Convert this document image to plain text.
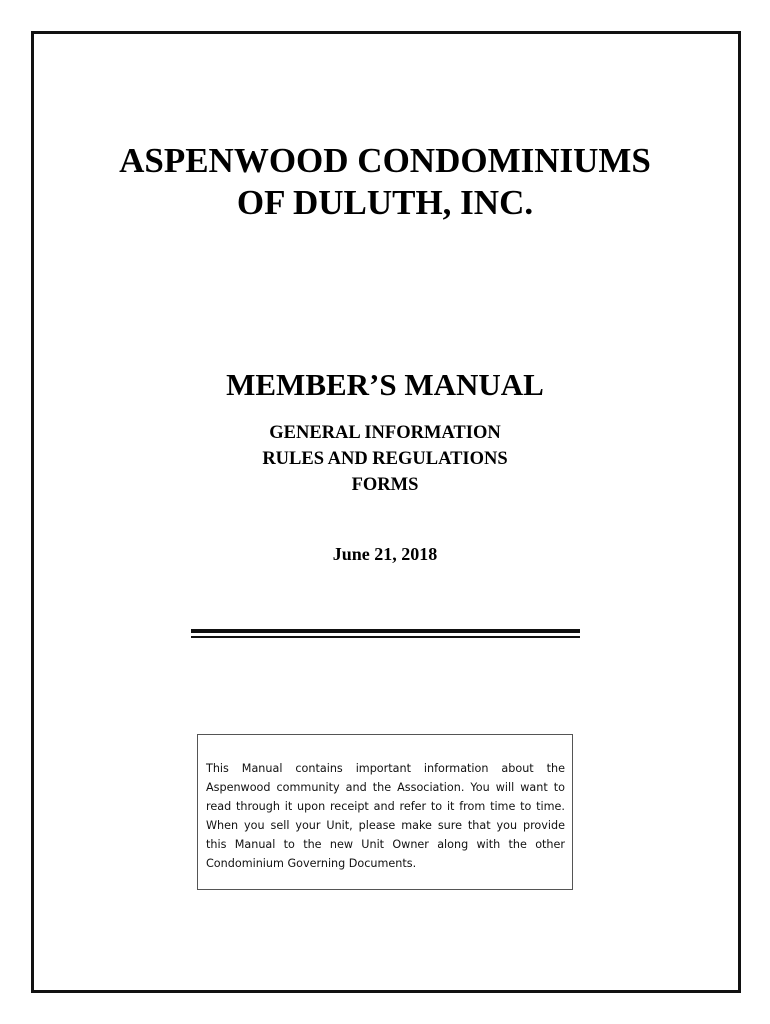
ASPENWOOD CONDOMINIUMS
OF DULUTH, INC.
MEMBER’S MANUAL
GENERAL INFORMATION
RULES AND REGULATIONS
FORMS
June 21, 2018

This Manual contains important information about the Aspenwood community and the Association. You will want to read through it upon receipt and refer to it from time to time. When you sell your Unit, please make sure that you provide this Manual to the new Unit Owner along with the other Condominium Governing Documents.
